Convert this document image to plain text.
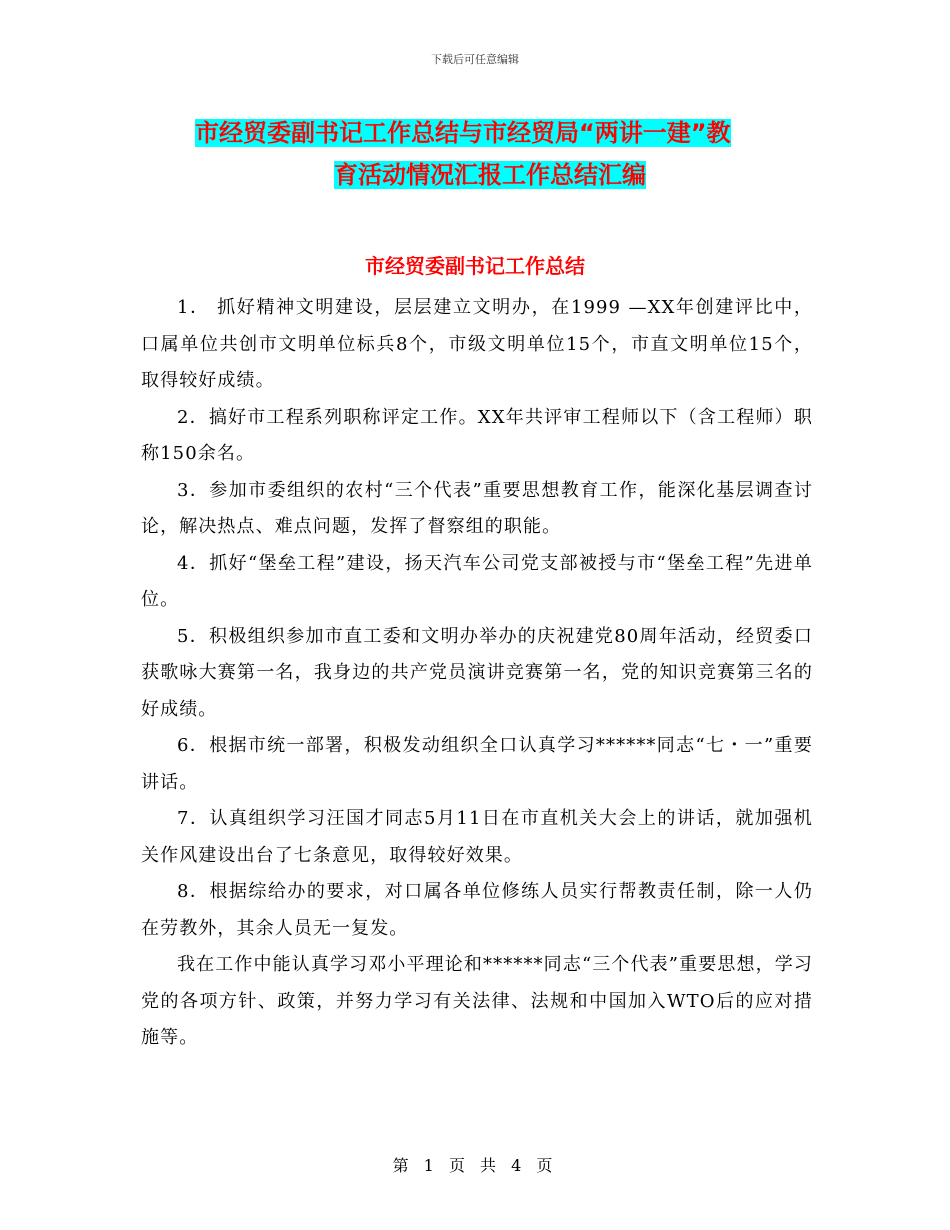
下载后可任意编辑
市经贸委副书记工作总结与市经贸局“两讲一建”教
育活动情况汇报工作总结汇编
市经贸委副书记工作总结

1． 抓好精神文明建设，层层建立文明办，在1999 —XX年创建评比中，口属单位共创市文明单位标兵8个，市级文明单位15个，市直文明单位15个，取得较好成绩。

2．搞好市工程系列职称评定工作。XX年共评审工程师以下（含工程师）职称150余名。

3．参加市委组织的农村“三个代表”重要思想教育工作，能深化基层调查讨论，解决热点、难点问题，发挥了督察组的职能。

4．抓好“堡垒工程”建设，扬天汽车公司党支部被授与市“堡垒工程”先进单位。

5．积极组织参加市直工委和文明办举办的庆祝建党80周年活动，经贸委口获歌咏大赛第一名，我身边的共产党员演讲竞赛第一名，党的知识竞赛第三名的好成绩。

6．根据市统一部署，积极发动组织全口认真学习******同志“七・一”重要讲话。

7．认真组织学习汪国才同志5月11日在市直机关大会上的讲话，就加强机关作风建设出台了七条意见，取得较好效果。

8．根据综给办的要求，对口属各单位修练人员实行帮教责任制，除一人仍在劳教外，其余人员无一复发。

我在工作中能认真学习邓小平理论和******同志“三个代表”重要思想，学习党的各项方针、政策，并努力学习有关法律、法规和中国加入WTO后的应对措施等。

第 1 页 共 4 页
